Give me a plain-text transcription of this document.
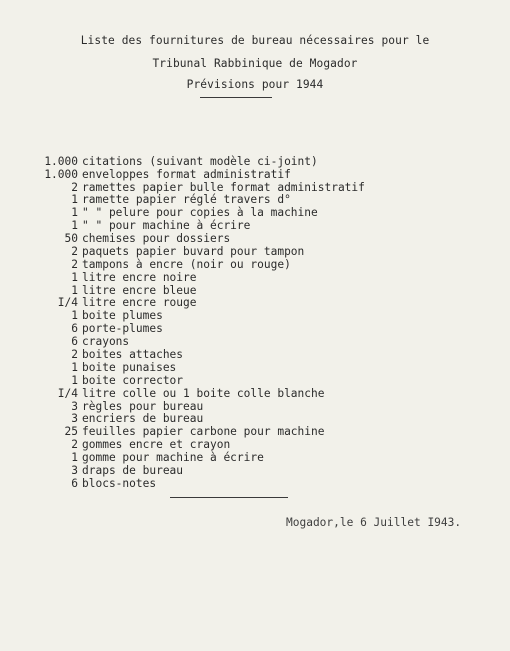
Liste des fournitures de bureau nécessaires pour le
Tribunal Rabbinique de Mogador
Prévisions pour 1944
1.000 citations (suivant modèle ci-joint)
1.000 enveloppes format administratif
2 ramettes papier bulle format administratif
1 ramette papier réglé travers d°
1 " " pelure pour copies à la machine
1 " " pour machine à écrire
50 chemises pour dossiers
2 paquets papier buvard pour tampon
2 tampons à encre (noir ou rouge)
1 litre encre noire
1 litre encre bleue
I/4 litre encre rouge
1 boite plumes
6 porte-plumes
6 crayons
2 boites attaches
1 boite punaises
1 boite corrector
I/4 litre colle ou 1 boite colle blanche
3 règles pour bureau
3 encriers de bureau
25 feuilles papier carbone pour machine
2 gommes encre et crayon
1 gomme pour machine à écrire
3 draps de bureau
6 blocs-notes
Mogador,le 6 Juillet I943.
